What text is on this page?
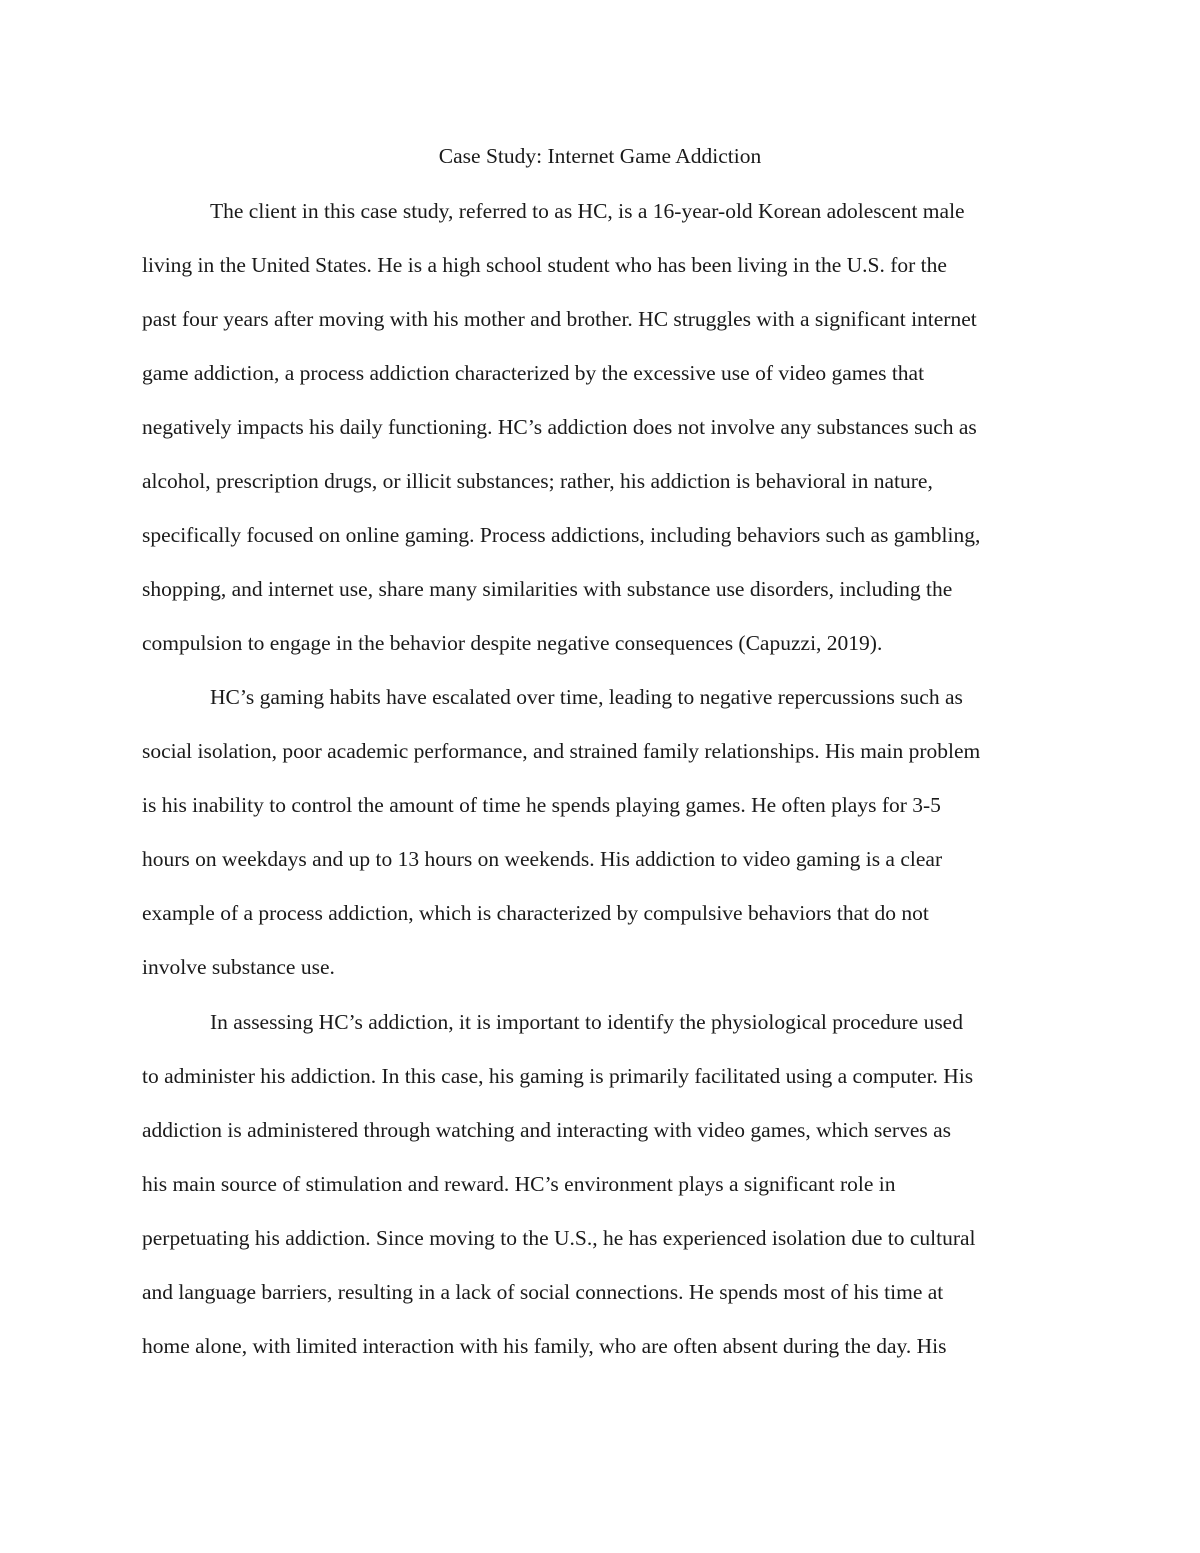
Case Study: Internet Game Addiction

The client in this case study, referred to as HC, is a 16-year-old Korean adolescent male

living in the United States. He is a high school student who has been living in the U.S. for the

past four years after moving with his mother and brother. HC struggles with a significant internet

game addiction, a process addiction characterized by the excessive use of video games that

negatively impacts his daily functioning. HC’s addiction does not involve any substances such as

alcohol, prescription drugs, or illicit substances; rather, his addiction is behavioral in nature,

specifically focused on online gaming. Process addictions, including behaviors such as gambling,

shopping, and internet use, share many similarities with substance use disorders, including the

compulsion to engage in the behavior despite negative consequences (Capuzzi, 2019).

HC’s gaming habits have escalated over time, leading to negative repercussions such as

social isolation, poor academic performance, and strained family relationships. His main problem

is his inability to control the amount of time he spends playing games. He often plays for 3-5

hours on weekdays and up to 13 hours on weekends. His addiction to video gaming is a clear

example of a process addiction, which is characterized by compulsive behaviors that do not

involve substance use.

In assessing HC’s addiction, it is important to identify the physiological procedure used

to administer his addiction. In this case, his gaming is primarily facilitated using a computer. His

addiction is administered through watching and interacting with video games, which serves as

his main source of stimulation and reward. HC’s environment plays a significant role in

perpetuating his addiction. Since moving to the U.S., he has experienced isolation due to cultural

and language barriers, resulting in a lack of social connections. He spends most of his time at

home alone, with limited interaction with his family, who are often absent during the day. His
